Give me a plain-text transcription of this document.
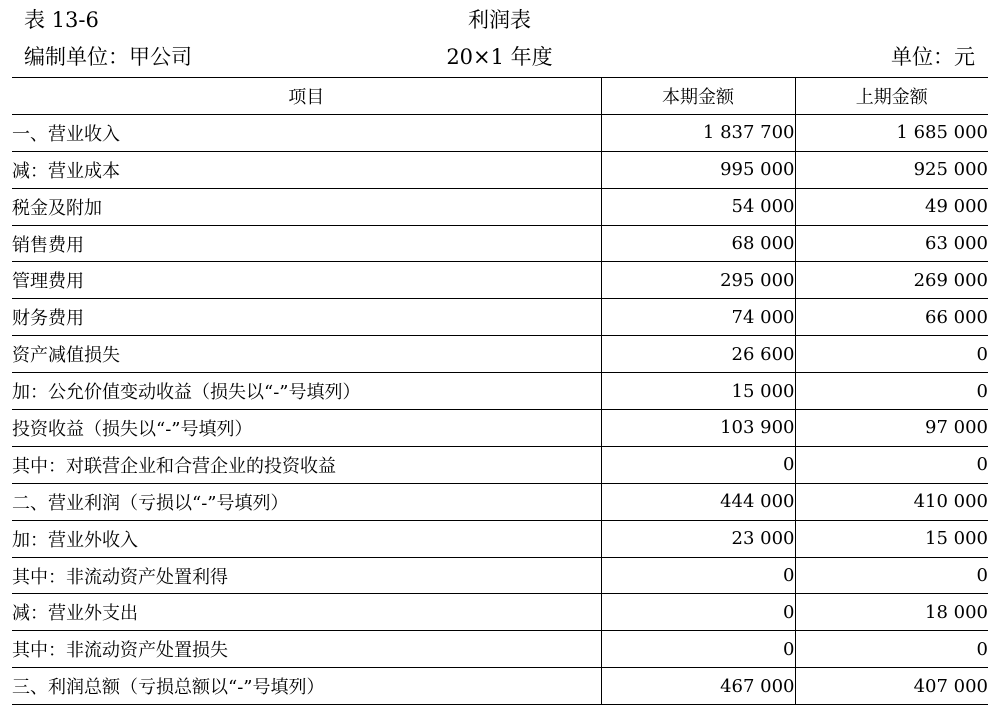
表 13-6	利润表
编制单位：甲公司	20×1 年度	单位：元
项目	本期金额	上期金额
一、营业收入	1 837 700	1 685 000
减：营业成本	995 000	925 000
税金及附加	54 000	49 000
销售费用	68 000	63 000
管理费用	295 000	269 000
财务费用	74 000	66 000
资产减值损失	26 600	0
加：公允价值变动收益（损失以“-”号填列）	15 000	0
投资收益（损失以“-”号填列）	103 900	97 000
其中：对联营企业和合营企业的投资收益	0	0
二、营业利润（亏损以“-”号填列）	444 000	410 000
加：营业外收入	23 000	15 000
其中：非流动资产处置利得	0	0
减：营业外支出	0	18 000
其中：非流动资产处置损失	0	0
三、利润总额（亏损总额以“-”号填列）	467 000	407 000
